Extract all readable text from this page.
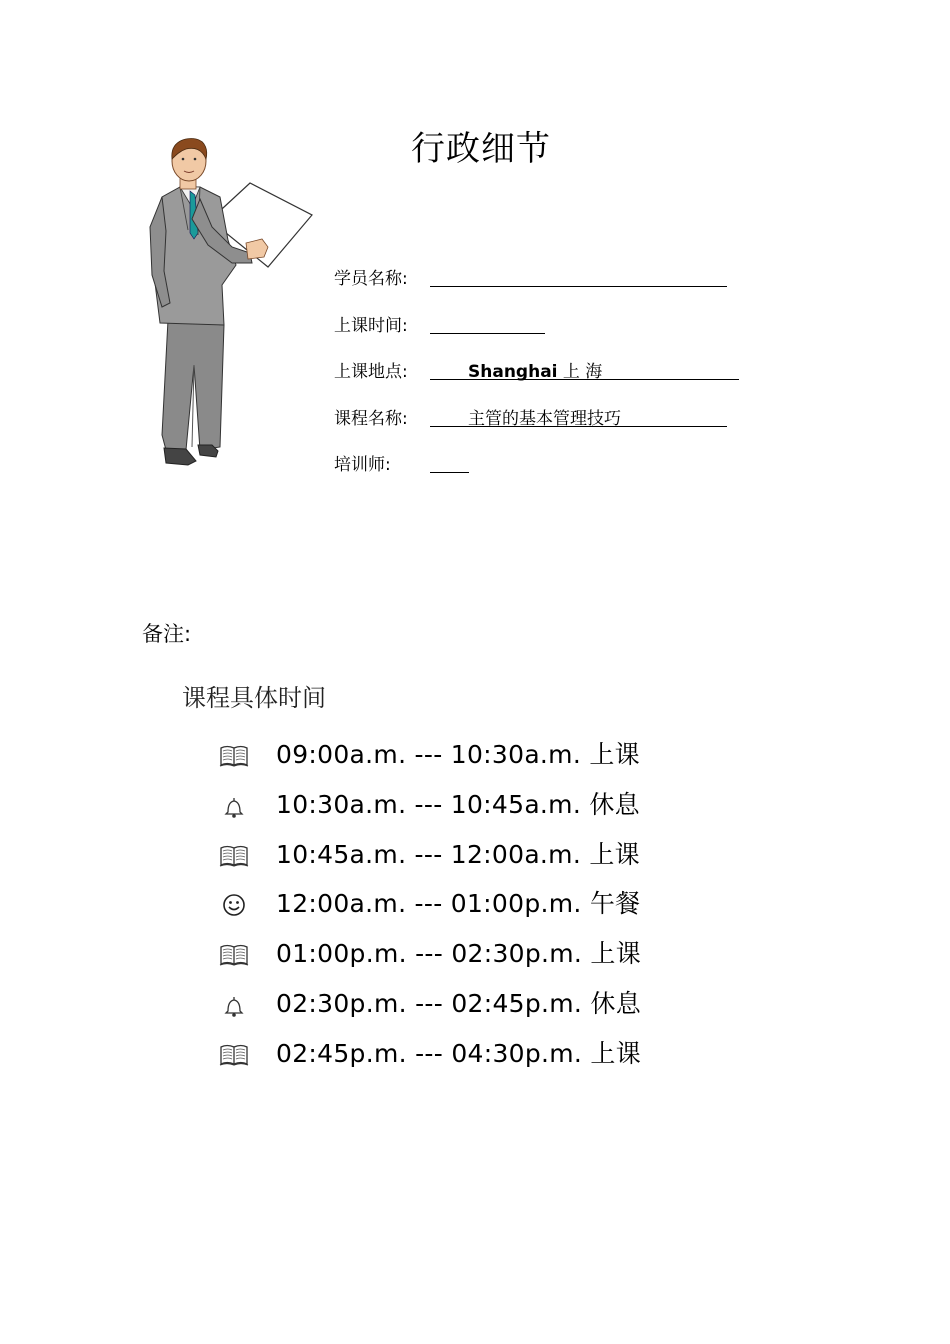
行政细节
学员名称:
上课时间:
上课地点:	Shanghai 上 海
课程名称:	主管的基本管理技巧
培训师:
备注:
课程具体时间
09:00a.m. --- 10:30a.m. 上课
10:30a.m. --- 10:45a.m. 休息
10:45a.m. --- 12:00a.m. 上课
12:00a.m. --- 01:00p.m. 午餐
01:00p.m. --- 02:30p.m. 上课
02:30p.m. --- 02:45p.m. 休息
02:45p.m. --- 04:30p.m. 上课
